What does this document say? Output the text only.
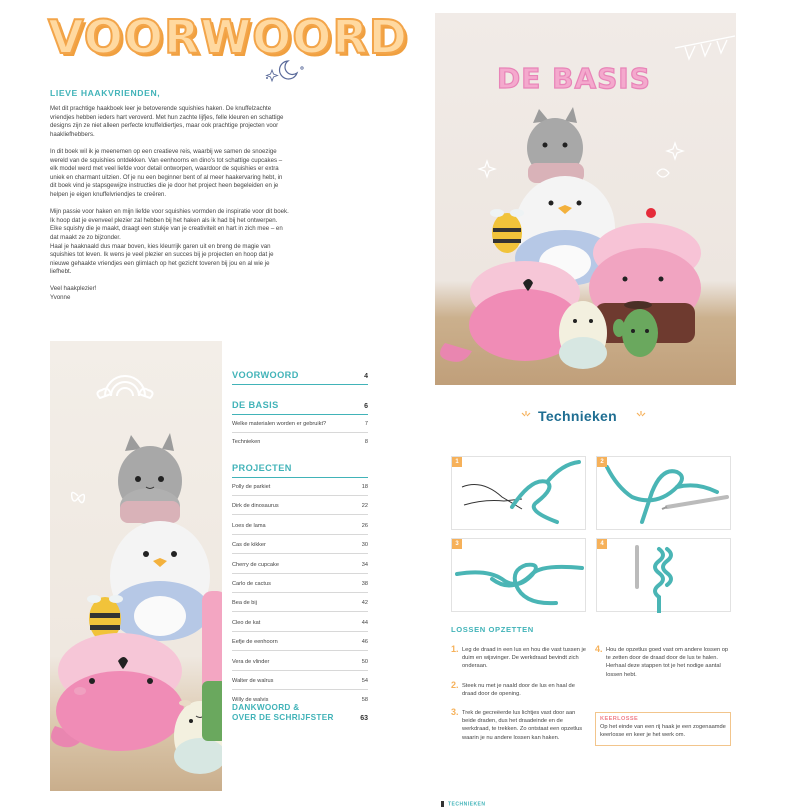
VOORWOORD
LIEVE HAAKVRIENDEN,

Met dit prachtige haakboek leer je betoverende squishies haken. De knuffelzachte vriendjes hebben ieders hart veroverd. Met hun zachte lijfjes, felle kleuren en schattige designs zijn ze niet alleen perfecte knuffeldiertjes, maar ook prachtige projecten voor haakliefhebbers.

In dit boek wil ik je meenemen op een creatieve reis, waarbij we samen de snoezige wereld van de squishies ontdekken. Van eenhoorns en dino's tot schattige cupcakes – elk model werd met veel liefde voor detail ontworpen, waardoor de squishies er extra uniek en charmant uitzien. Of je nu een beginner bent of al meer haakervaring hebt, in dit boek vind je stapsgewijze instructies die je door het project heen begeleiden en je helpen je eigen knuffelvriendjes te creëren.

Mijn passie voor haken en mijn liefde voor squishies vormden de inspiratie voor dit boek. Ik hoop dat je evenveel plezier zal hebben bij het haken als ik had bij het ontwerpen. Elke squishy die je maakt, draagt een stukje van je creativiteit en hart in zich mee – en dat maakt ze zo bijzonder.
Haal je haaknaald dus maar boven, kies kleurrijk garen uit en breng de magie van squishies tot leven. Ik wens je veel plezier en succes bij je projecten en hoop dat je nieuwe gehaakte vriendjes een glimlach op het gezicht toveren bij jou en al wie je liefhebt.

Veel haakplezier!
Yvonne

VOORWOORD	4
DE BASIS	6
Welke materialen worden er gebruikt?	7
Technieken	8
PROJECTEN
Polly de parkiet	18
Dirk de dinosaurus	22
Loes de lama	26
Cas de kikker	30
Cherry de cupcake	34
Carlo de cactus	38
Bea de bij	42
Cleo de kat	44
Eefje de eenhoorn	46
Vera de vlinder	50
Walter de walrus	54
Willy de walvis	58
DANKWOORD &
OVER DE SCHRIJFSTER	63
DE BASIS
Technieken
1	2
3	4
LOSSEN OPZETTEN
1. Leg de draad in een lus en hou die vast tussen je duim en wijsvinger. De werkdraad bevindt zich onderaan.
2. Steek nu met je naald door de lus en haal de draad door de opening.
3. Trek de gecreëerde lus lichtjes vast door aan beide draden, dus het draadeinde en de werkdraad, te trekken. Zo ontstaat een opzetlus waarin je nu andere lossen kan haken.
4. Hou de opzetlus goed vast om andere lossen op te zetten door de draad door de lus te halen. Herhaal deze stappen tot je het nodige aantal lossen hebt.
KEERLOSSE
Op het einde van een rij haak je een zogenaamde keerlosse en keer je het werk om.
TECHNIEKEN
